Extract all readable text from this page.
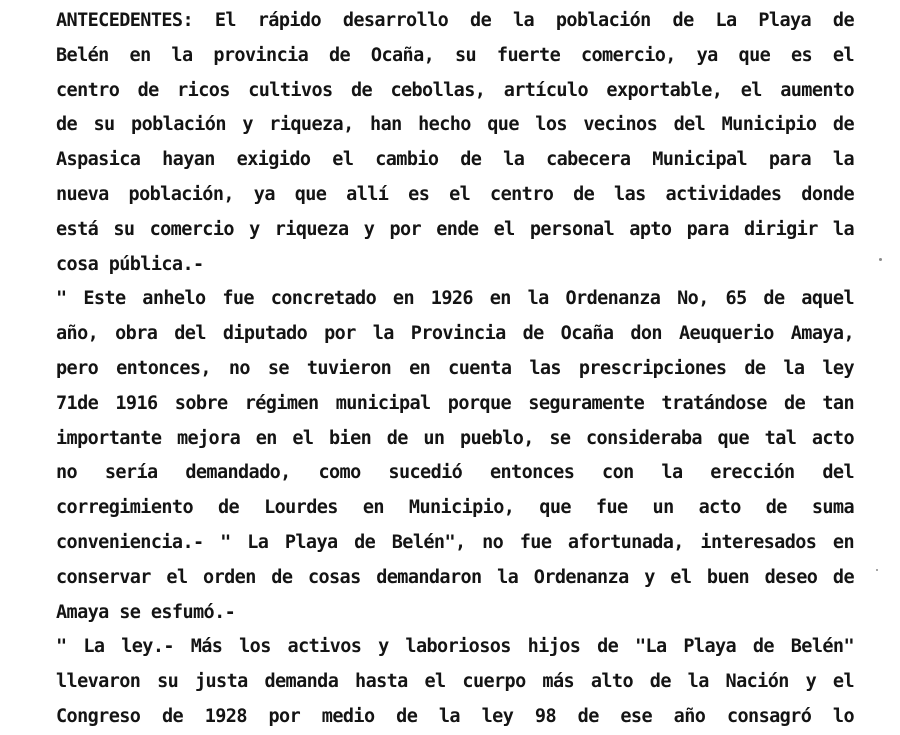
ANTECEDENTES: El rápido desarrollo de la población de La Playa de
Belén en la provincia de Ocaña, su fuerte comercio, ya que es el
centro de ricos cultivos de cebollas, artículo exportable, el aumento
de su población y riqueza, han hecho que los vecinos del Municipio de
Aspasica hayan exigido el cambio de la cabecera Municipal para la
nueva población, ya que allí es el centro de las actividades donde
está su comercio y riqueza y por ende el personal apto para dirigir la
cosa pública.-
" Este anhelo fue concretado en 1926 en la Ordenanza No, 65 de aquel
año, obra del diputado por la Provincia de Ocaña don Aeuquerio Amaya,
pero entonces, no se tuvieron en cuenta las prescripciones de la ley
71de 1916 sobre régimen municipal porque seguramente tratándose de tan
importante mejora en el bien de un pueblo, se consideraba que tal acto
no sería demandado, como sucedió entonces con la erección del
corregimiento de Lourdes en Municipio, que fue un acto de suma
conveniencia.- " La Playa de Belén", no fue afortunada, interesados en
conservar el orden de cosas demandaron la Ordenanza y el buen deseo de
Amaya se esfumó.-
" La ley.- Más los activos y laboriosos hijos de "La Playa de Belén"
llevaron su justa demanda hasta el cuerpo más alto de la Nación y el
Congreso de 1928 por medio de la ley 98 de ese año consagró lo
